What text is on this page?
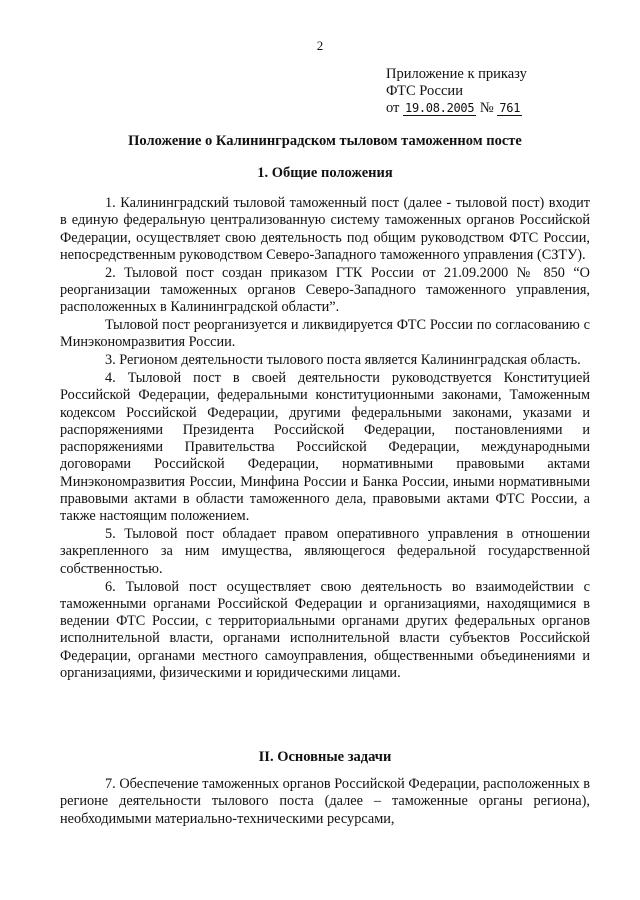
2
Приложение к приказу
ФТС России
от 19.08.2005 № 761
Положение о Калининградском тыловом таможенном посте
1. Общие положения

1. Калининградский тыловой таможенный пост (далее - тыловой пост) входит в единую федеральную централизованную систему таможенных органов Российской Федерации, осуществляет свою деятельность под общим руководством ФТС России, непосредственным руководством Северо-Западного таможенного управления (СЗТУ).

2. Тыловой пост создан приказом ГТК России от 21.09.2000 № 850 “О реорганизации таможенных органов Северо-Западного таможенного управления, расположенных в Калининградской области”.

Тыловой пост реорганизуется и ликвидируется ФТС России по согласованию с Минэкономразвития России.

3. Регионом деятельности тылового поста является Калининградская область.

4. Тыловой пост в своей деятельности руководствуется Конституцией Российской Федерации, федеральными конституционными законами, Таможенным кодексом Российской Федерации, другими федеральными законами, указами и распоряжениями Президента Российской Федерации, постановлениями и распоряжениями Правительства Российской Федерации, международными договорами Российской Федерации, нормативными правовыми актами Минэкономразвития России, Минфина России и Банка России, иными нормативными правовыми актами в области таможенного дела, правовыми актами ФТС России, а также настоящим положением.

5. Тыловой пост обладает правом оперативного управления в отношении закрепленного за ним имущества, являющегося федеральной государственной собственностью.

6. Тыловой пост осуществляет свою деятельность во взаимодействии с таможенными органами Российской Федерации и организациями, находящимися в ведении ФТС России, с территориальными органами других федеральных органов исполнительной власти, органами исполнительной власти субъектов Российской Федерации, органами местного самоуправления, общественными объединениями и организациями, физическими и юридическими лицами.

II. Основные задачи

7. Обеспечение таможенных органов Российской Федерации, расположенных в регионе деятельности тылового поста (далее – таможенные органы региона), необходимыми материально-техническими ресурсами,
